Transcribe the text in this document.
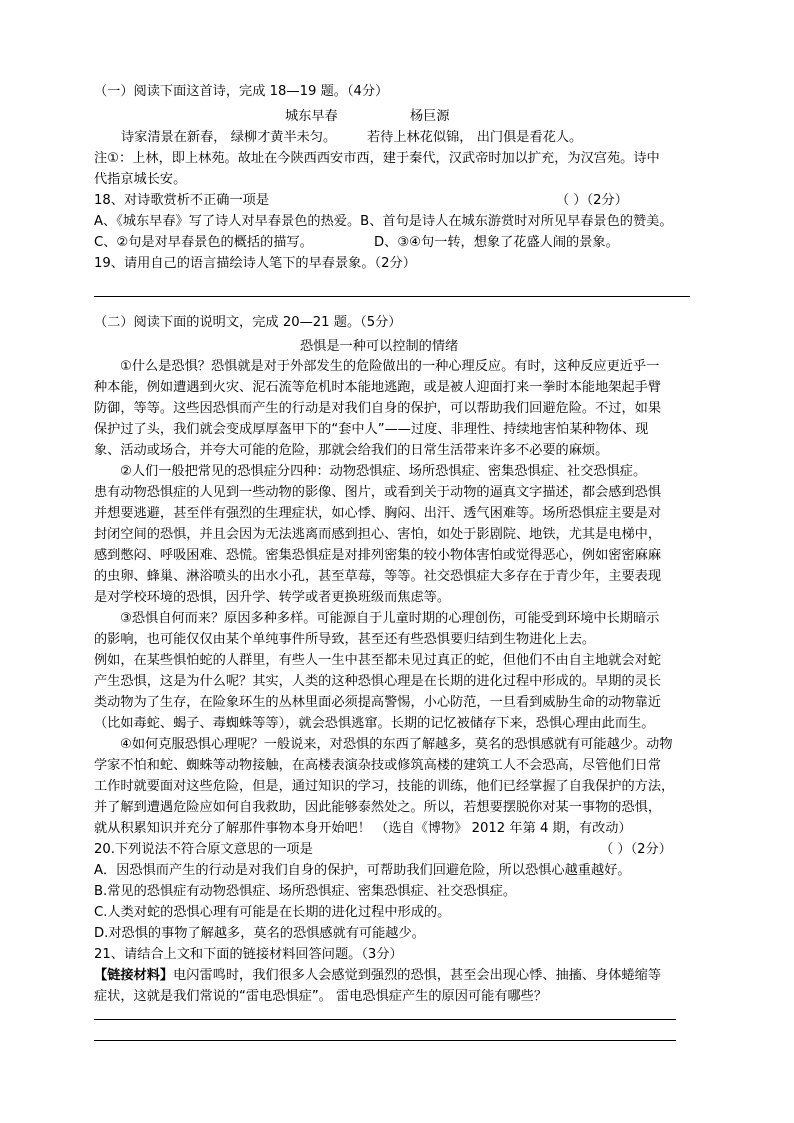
（一）阅读下面这首诗，完成 18—19 题。（4分）
城东早春	杨巨源
诗家清景在新春， 绿柳才黄半未匀。 若待上林花似锦， 出门俱是看花人。
注①：上林，即上林苑。故址在今陕西西安市西，建于秦代，汉武帝时加以扩充，为汉宫苑。诗中
代指京城长安。
18、对诗歌赏析不正确一项是	（ ）（2分）
A、《城东早春》写了诗人对早春景色的热爱。B、首句是诗人在城东游赏时对所见早春景色的赞美。
C、②句是对早春景色的概括的描写。	D、③④句一转，想象了花盛人闹的景象。
19、请用自己的语言描绘诗人笔下的早春景象。（2分）
（二）阅读下面的说明文，完成 20—21 题。（5分）
恐惧是一种可以控制的情绪
①什么是恐惧？恐惧就是对于外部发生的危险做出的一种心理反应。有时，这种反应更近乎一
种本能，例如遭遇到火灾、泥石流等危机时本能地逃跑，或是被人迎面打来一拳时本能地架起手臂
防御，等等。这些因恐惧而产生的行动是对我们自身的保护，可以帮助我们回避危险。不过，如果
保护过了头，我们就会变成厚厚盔甲下的“套中人”——过度、非理性、持续地害怕某种物体、现
象、活动或场合，并夸大可能的危险，那就会给我们的日常生活带来许多不必要的麻烦。
②人们一般把常见的恐惧症分四种：动物恐惧症、场所恐惧症、密集恐惧症、社交恐惧症。
患有动物恐惧症的人见到一些动物的影像、图片，或看到关于动物的逼真文字描述，都会感到恐惧
并想要逃避，甚至伴有强烈的生理症状，如心悸、胸闷、出汗、透气困难等。场所恐惧症主要是对
封闭空间的恐惧，并且会因为无法逃离而感到担心、害怕，如处于影剧院、地铁，尤其是电梯中，
感到憋闷、呼吸困难、恐慌。密集恐惧症是对排列密集的较小物体害怕或觉得恶心，例如密密麻麻
的虫卵、蜂巢、淋浴喷头的出水小孔，甚至草莓，等等。社交恐惧症大多存在于青少年，主要表现
是对学校环境的恐惧，因升学、转学或者更换班级而焦虑等。
③恐惧自何而来？原因多种多样。可能源自于儿童时期的心理创伤，可能受到环境中长期暗示
的影响，也可能仅仅由某个单纯事件所导致，甚至还有些恐惧要归结到生物进化上去。
例如，在某些惧怕蛇的人群里，有些人一生中甚至都未见过真正的蛇，但他们不由自主地就会对蛇
产生恐惧，这是为什么呢？其实，人类的这种恐惧心理是在长期的进化过程中形成的。早期的灵长
类动物为了生存，在险象环生的丛林里面必须提高警惕，小心防范，一旦看到威胁生命的动物靠近
（比如毒蛇、蝎子、毒蜘蛛等等），就会恐惧逃窜。长期的记忆被储存下来，恐惧心理由此而生。
④如何克服恐惧心理呢？一般说来，对恐惧的东西了解越多，莫名的恐惧感就有可能越少。动物
学家不怕和蛇、蜘蛛等动物接触，在高楼表演杂技或修筑高楼的建筑工人不会恐高，尽管他们日常
工作时就要面对这些危险，但是，通过知识的学习，技能的训练，他们已经掌握了自我保护的方法，
并了解到遭遇危险应如何自我救助，因此能够泰然处之。所以，若想要摆脱你对某一事物的恐惧，
就从积累知识并充分了解那件事物本身开始吧！ （选自《博物》 2012 年第 4 期，有改动）
20.下列说法不符合原文意思的一项是	（ ）（2分）
A．因恐惧而产生的行动是对我们自身的保护，可帮助我们回避危险，所以恐惧心越重越好。
B.常见的恐惧症有动物恐惧症、场所恐惧症、密集恐惧症、社交恐惧症。
C.人类对蛇的恐惧心理有可能是在长期的进化过程中形成的。
D.对恐惧的事物了解越多，莫名的恐惧感就有可能越少。
21、请结合上文和下面的链接材料回答问题。（3分）
【链接材料】电闪雷鸣时，我们很多人会感觉到强烈的恐惧，甚至会出现心悸、抽搐、身体蜷缩等
症状，这就是我们常说的“雷电恐惧症”。 雷电恐惧症产生的原因可能有哪些？
